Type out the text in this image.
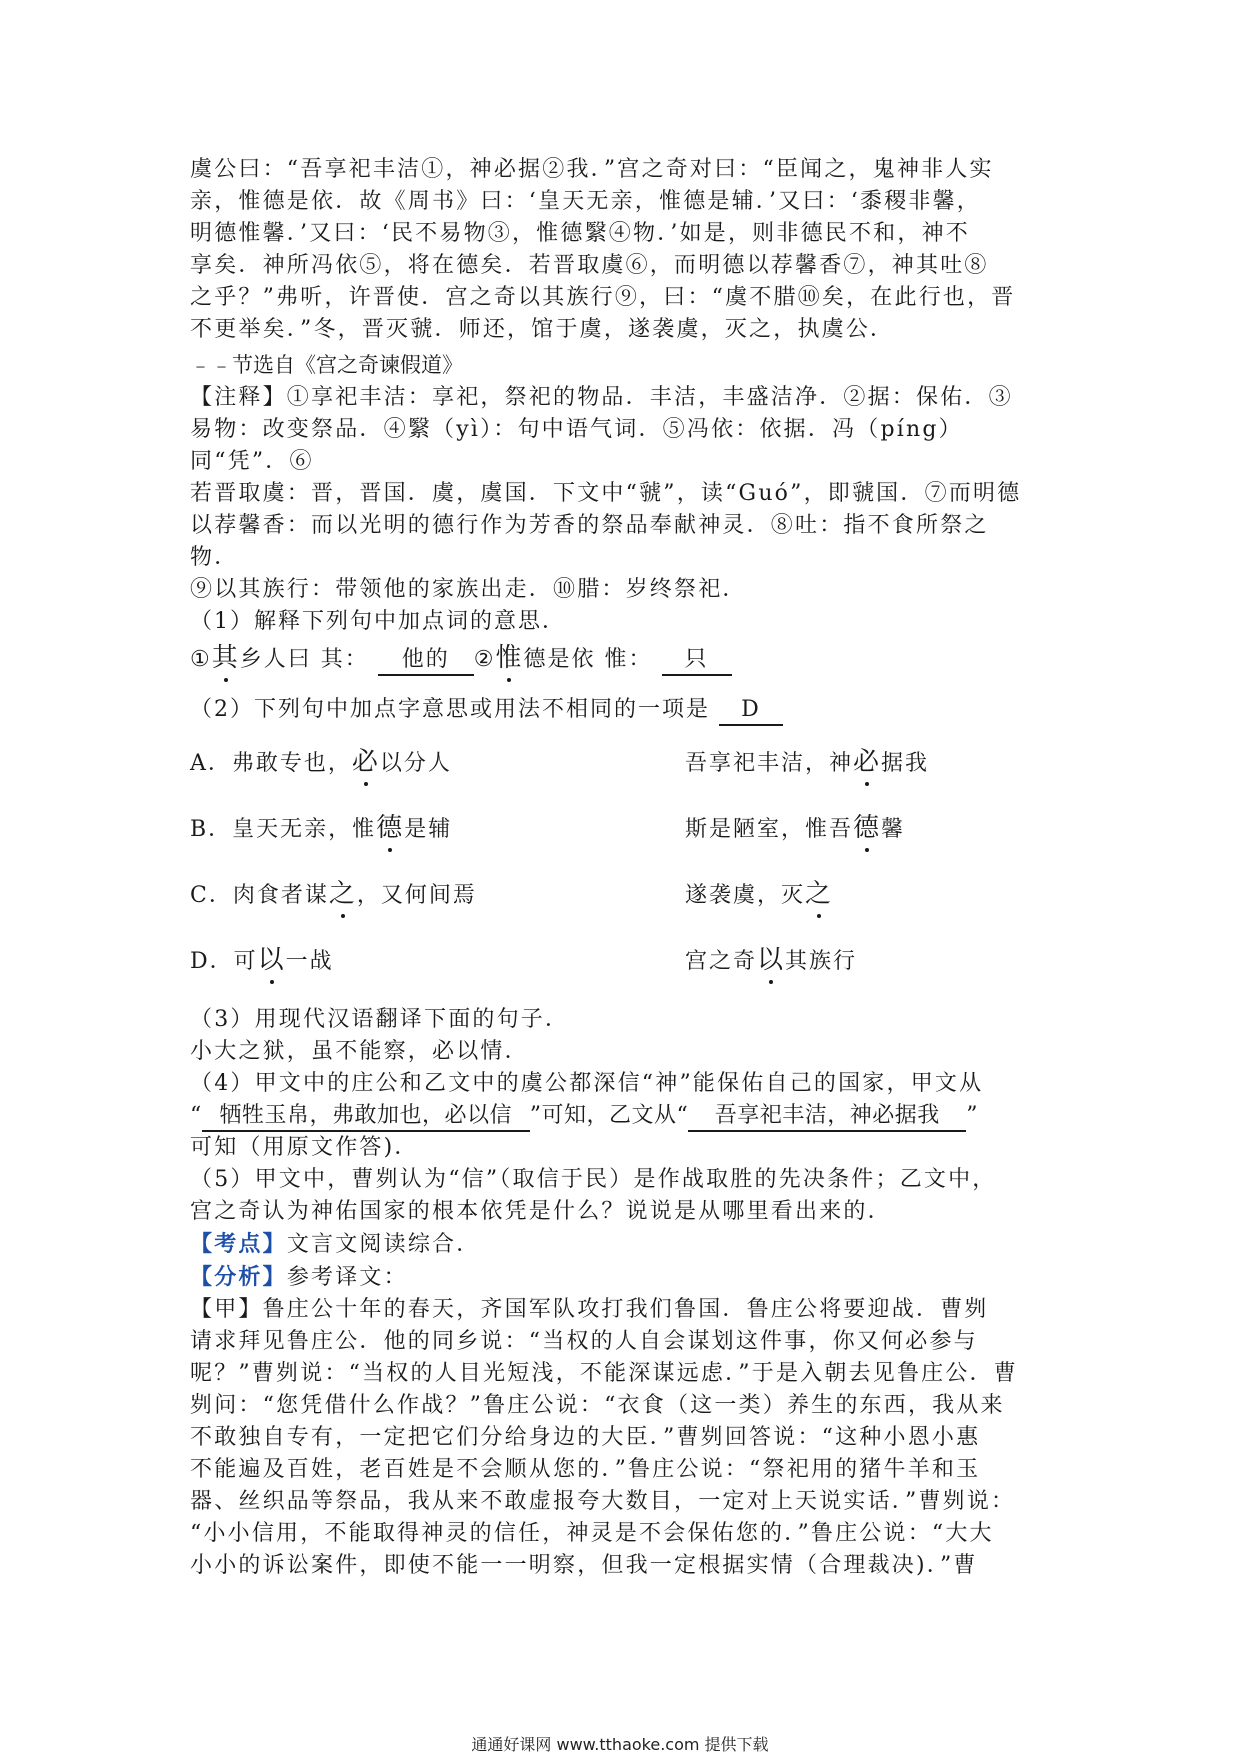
虞公曰：“吾享祀丰洁①，神必据②我．”宫之奇对曰：“臣闻之，鬼神非人实

亲，惟德是依．故《周书》曰：‘皇天无亲，惟德是辅．’又曰：‘黍稷非馨，

明德惟馨．’又曰：‘民不易物③，惟德繄④物．’如是，则非德民不和，神不

享矣．神所冯依⑤，将在德矣．若晋取虞⑥，而明德以荐馨香⑦，神其吐⑧

之乎？”弗听，许晋使．宫之奇以其族行⑨，曰：“虞不腊⑩矣，在此行也，晋

不更举矣．”冬，晋灭虢．师还，馆于虞，遂袭虞，灭之，执虞公．

﹣﹣节选自《宫之奇谏假道》

【注释】①享祀丰洁：享祀，祭祀的物品．丰洁，丰盛洁净．②据：保佑．③

易物：改变祭品．④繄（yì）：句中语气词．⑤冯依：依据．冯（píng）同“凭”．⑥

若晋取虞：晋，晋国．虞，虞国．下文中“虢”，读“Guó”，即虢国．⑦而明德

以荐馨香：而以光明的德行作为芳香的祭品奉献神灵．⑧吐：指不食所祭之

物．

⑨以其族行：带领他的家族出走．⑩腊：岁终祭祀．

（1）解释下列句中加点词的意思．

①其乡人曰 其： 他的 ②惟德是依 惟： 只

（2）下列句中加点字意思或用法不相同的一项是 D

A．弗敢专也，必以分人	吾享祀丰洁，神必据我
B．皇天无亲，惟德是辅	斯是陋室，惟吾德馨
C．肉食者谋之，又何间焉	遂袭虞，灭之
D．可以一战	宫之奇以其族行

（3）用现代汉语翻译下面的句子．

小大之狱，虽不能察，必以情．

（4）甲文中的庄公和乙文中的虞公都深信“神”能保佑自己的国家，甲文从

“ 牺牲玉帛，弗敢加也，必以信 ”可知，乙文从“ 吾享祀丰洁，神必据我 ”

可知（用原文作答)．

（5）甲文中，曹刿认为“信”（取信于民）是作战取胜的先决条件；乙文中，

宫之奇认为神佑国家的根本依凭是什么？说说是从哪里看出来的．

【考点】文言文阅读综合．

【分析】参考译文：

【甲】鲁庄公十年的春天，齐国军队攻打我们鲁国．鲁庄公将要迎战．曹刿

请求拜见鲁庄公．他的同乡说：“当权的人自会谋划这件事，你又何必参与

呢？”曹刿说：“当权的人目光短浅，不能深谋远虑．”于是入朝去见鲁庄公．曹

刿问：“您凭借什么作战？”鲁庄公说：“衣食（这一类）养生的东西，我从来

不敢独自专有，一定把它们分给身边的大臣．”曹刿回答说：“这种小恩小惠

不能遍及百姓，老百姓是不会顺从您的．”鲁庄公说：“祭祀用的猪牛羊和玉

器、丝织品等祭品，我从来不敢虚报夸大数目，一定对上天说实话．”曹刿说：

“小小信用，不能取得神灵的信任，神灵是不会保佑您的．”鲁庄公说：“大大

小小的诉讼案件，即使不能一一明察，但我一定根据实情（合理裁决)．”曹

通通好课网 www.tthaoke.com 提供下载
